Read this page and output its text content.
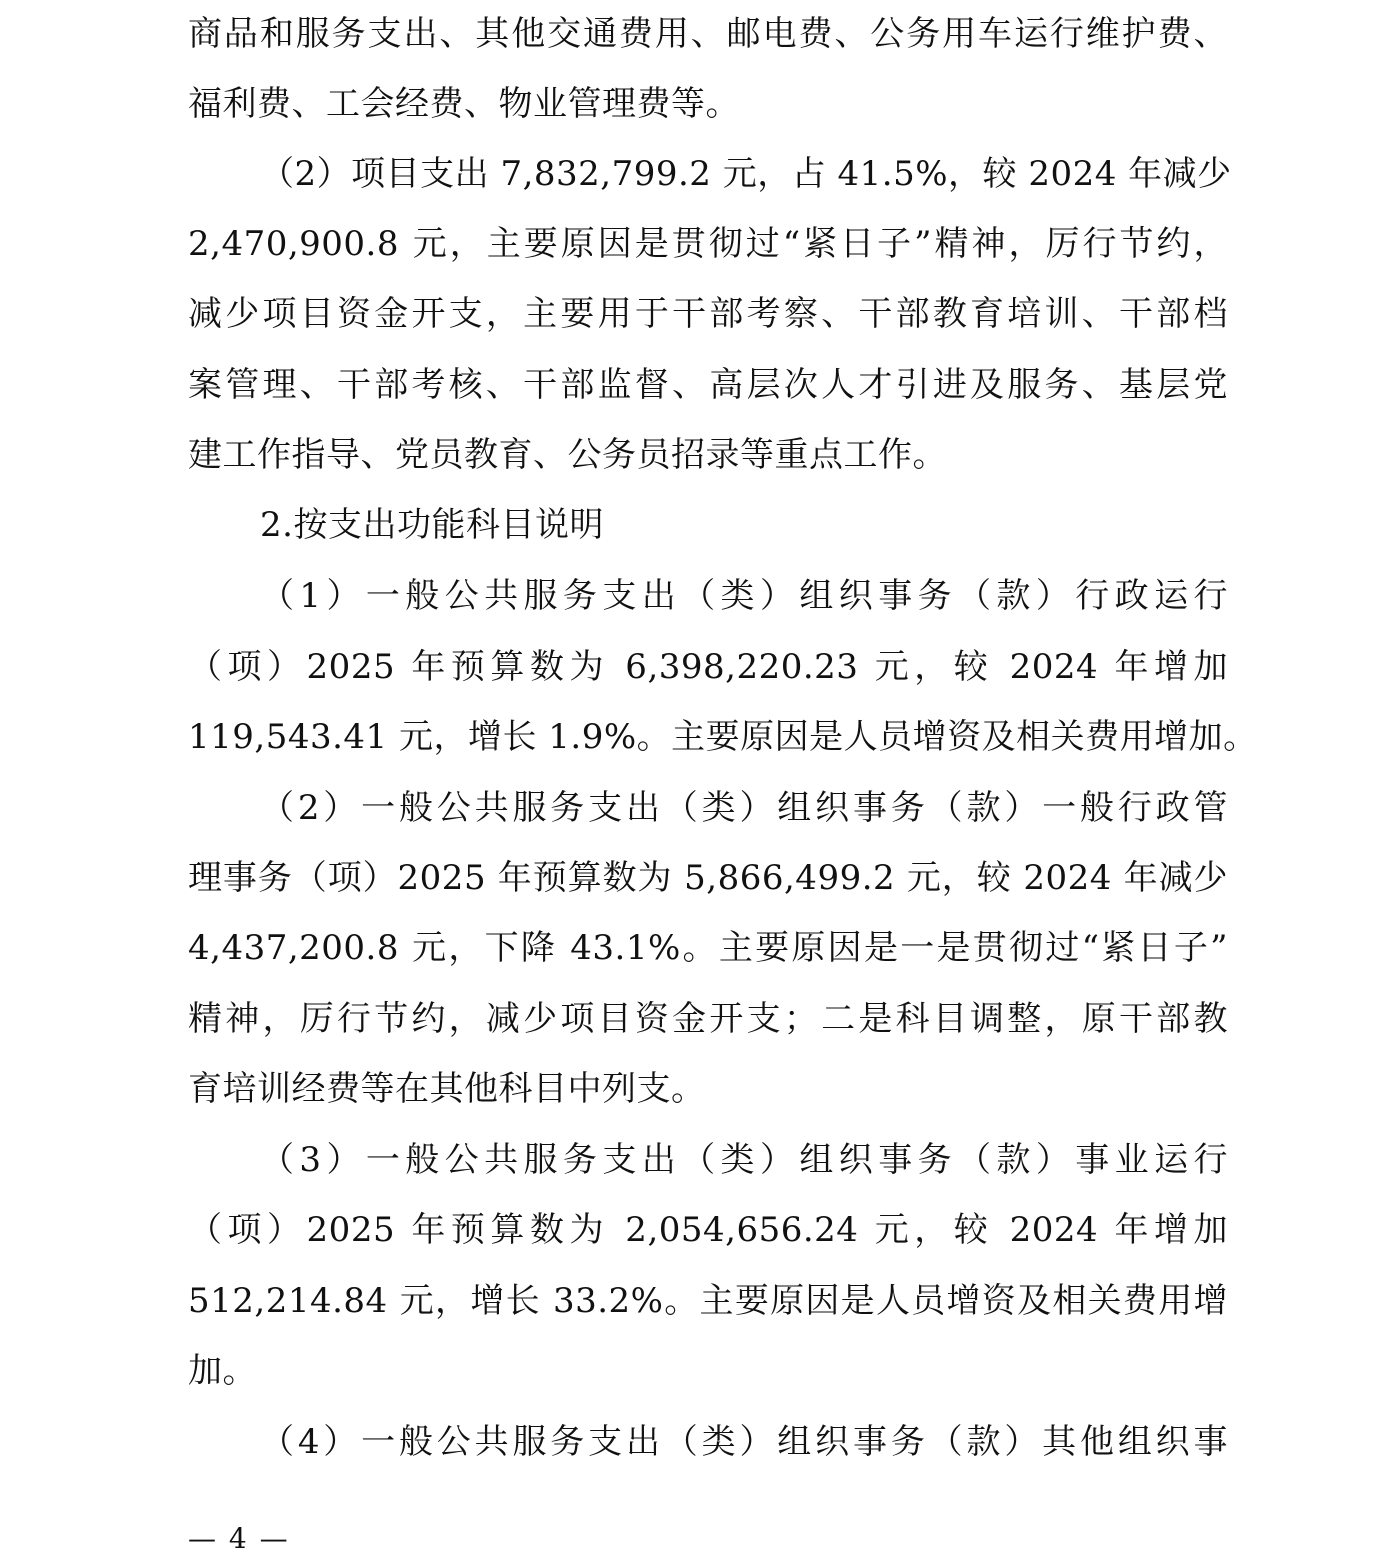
商品和服务支出、其他交通费用、邮电费、公务用车运行维护费、
福利费、工会经费、物业管理费等。
（2）项目支出 7,832,799.2 元，占 41.5%，较 2024 年减少
2,470,900.8 元，主要原因是贯彻过“紧日子”精神，厉行节约，
减少项目资金开支，主要用于干部考察、干部教育培训、干部档
案管理、干部考核、干部监督、高层次人才引进及服务、基层党
建工作指导、党员教育、公务员招录等重点工作。
2.按支出功能科目说明
（1）一般公共服务支出（类）组织事务（款）行政运行
（项）2025 年预算数为 6,398,220.23 元，较 2024 年增加
119,543.41 元，增长 1.9%。主要原因是人员增资及相关费用增加。
（2）一般公共服务支出（类）组织事务（款）一般行政管
理事务（项）2025 年预算数为 5,866,499.2 元，较 2024 年减少
4,437,200.8 元，下降 43.1%。主要原因是一是贯彻过“紧日子”
精神，厉行节约，减少项目资金开支；二是科目调整，原干部教
育培训经费等在其他科目中列支。
（3）一般公共服务支出（类）组织事务（款）事业运行
（项）2025 年预算数为 2,054,656.24 元，较 2024 年增加
512,214.84 元，增长 33.2%。主要原因是人员增资及相关费用增
加。
（4）一般公共服务支出（类）组织事务（款）其他组织事
— 4 —
